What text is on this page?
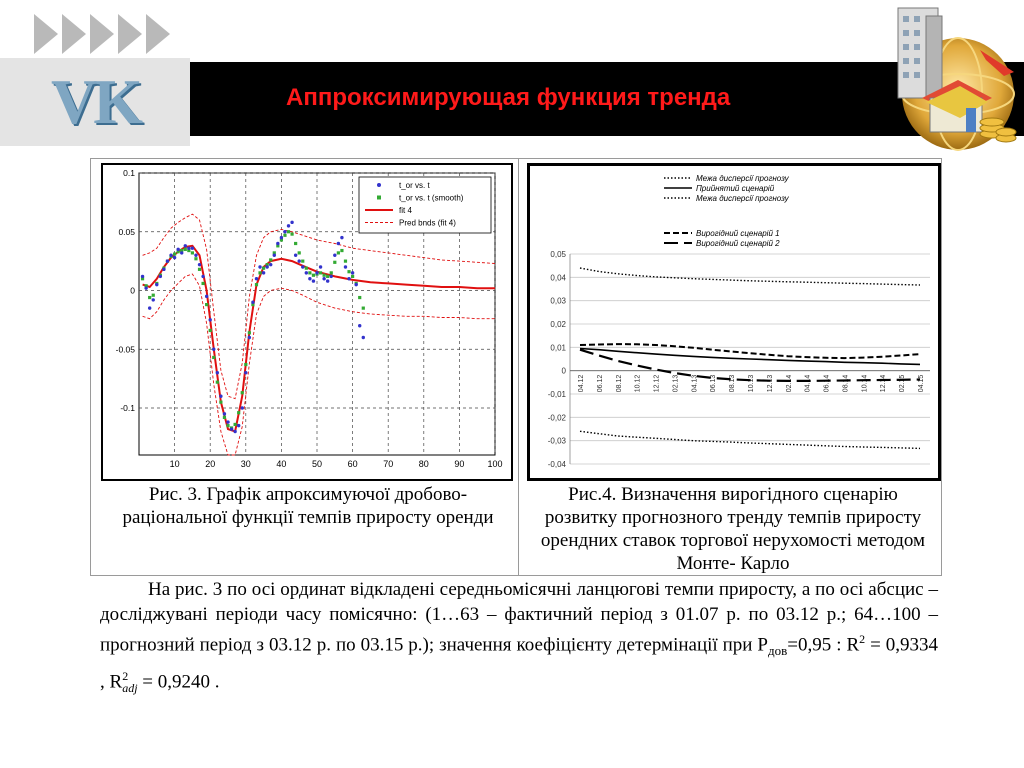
VK	Аппроксимирующая функция тренда
10	20	30	40	50	60	70	80	90	100
0.1
0.05
0
-0.05
-0.1
t_or vs. t
t_or vs. t (smooth)
fit 4
Pred bnds (fit 4)
0,05
0,04
0,03
0,02
0,01
0
-0,01
-0,02
-0,03
-0,04
04.12 06.12 08.12 10.12 12.12 02.13 04.13 06.13 08.13 10.13 12.13 02.14 04.14 06.14 08.14 10.14 12.14 02.15 04.15
Межа дисперсії прогнозу
Прийнятий сценарій
Межа дисперсії прогнозу
Вирогідний сценарій 1
Вирогідний сценарій 2
Рис. 3. Графік апроксимуючої дробово-раціональної функції темпів приросту оренди
Рис.4. Визначення вирогідного сценарію розвитку прогнозного тренду темпів приросту орендних ставок торгової нерухомості методом Монте- Карло

На рис. 3 по осі ординат відкладені середньомісячні ланцюгові темпи приросту, а по осі абсцис – досліджувані періоди часу помісячно: (1…63 – фактичний період з 01.07 р. по 03.12 р.; 64…100 – прогнозний період з 03.12 р. по 03.15 р.); значення коефіцієнту детермінації при $Р_{дов}=0,95$ : $R^2 = 0,9334$ , $R^2_{adj} = 0,9240$ .
